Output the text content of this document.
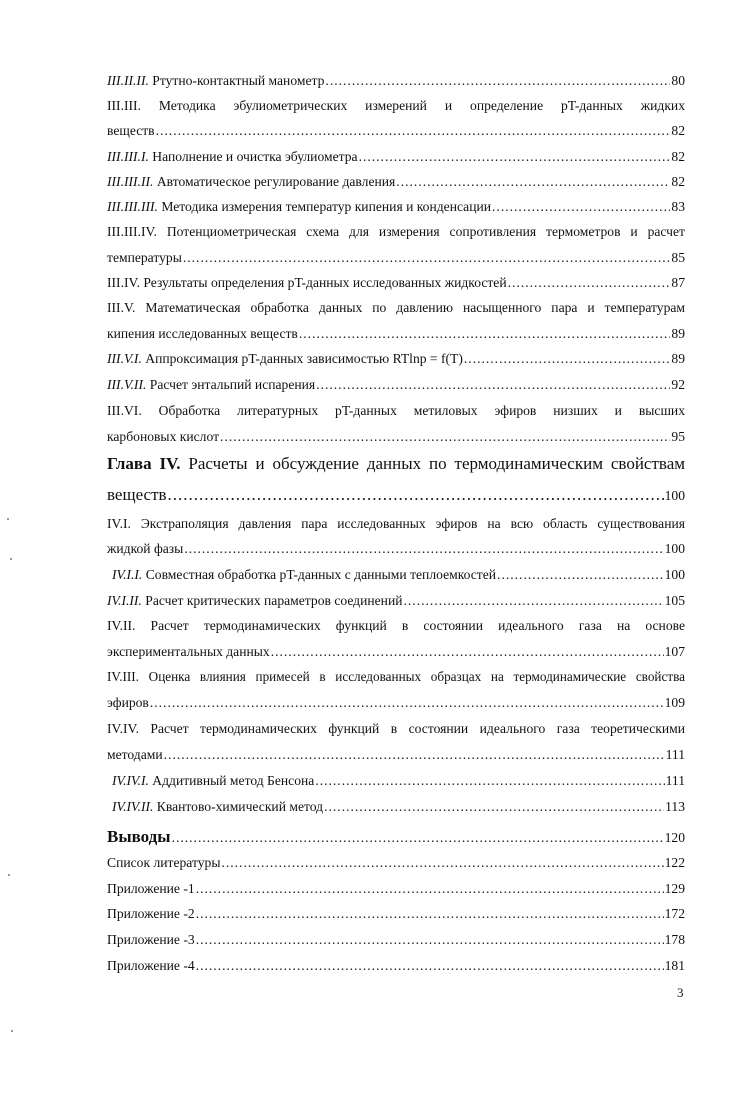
III.II.II. Ртутно-контактный манометр .....	80
III.III. Методика эбулиометрических измерений и определение pT-данных жидких
веществ .....	82
III.III.I. Наполнение и очистка эбулиометра .....	82
III.III.II. Автоматическое регулирование давления .....	82
III.III.III. Методика измерения температур кипения и конденсации .....	83
III.III.IV. Потенциометрическая схема для измерения сопротивления термометров и расчет
температуры .....	85
III.IV. Результаты определения pT-данных исследованных жидкостей .....	87
III.V. Математическая обработка данных по давлению насыщенного пара и температурам
кипения исследованных веществ .....	89
III.V.I. Аппроксимация pT-данных зависимостью RTlnp = f(T) .....	89
III.V.II. Расчет энтальпий испарения .....	92
III.VI. Обработка литературных pT-данных метиловых эфиров низших и высших
карбоновых кислот .....	95
Глава IV. Расчеты и обсуждение данных по термодинамическим свойствам
веществ .....	100
IV.I. Экстраполяция давления пара исследованных эфиров на всю область существования
жидкой фазы .....	100
IV.I.I. Совместная обработка pT-данных с данными теплоемкостей .....	100
IV.I.II. Расчет критических параметров соединений .....	105
IV.II. Расчет термодинамических функций в состоянии идеального газа на основе
экспериментальных данных .....	107
IV.III. Оценка влияния примесей в исследованных образцах на термодинамические свойства
эфиров .....	109
IV.IV. Расчет термодинамических функций в состоянии идеального газа теоретическими
методами .....	111
IV.IV.I. Аддитивный метод Бенсона .....	111
IV.IV.II. Квантово-химический метод .....	113
Выводы .....	120
Список литературы .....	122
Приложение -1 .....	129
Приложение -2 .....	172
Приложение -3 .....	178
Приложение -4 .....	181
3
